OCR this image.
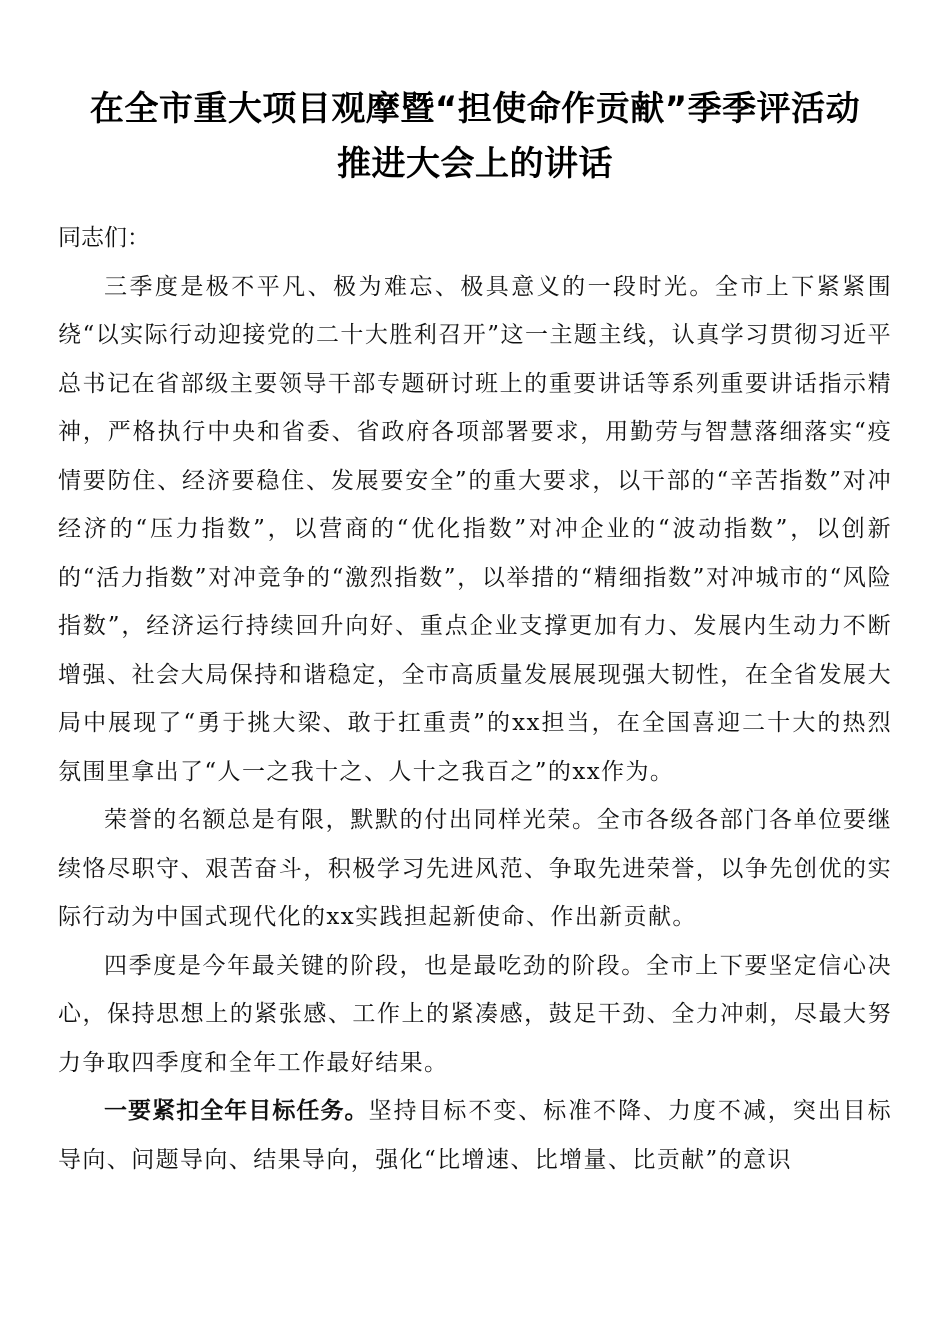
在全市重大项目观摩暨“担使命作贡献”季季评活动
推进大会上的讲话

同志们：

三季度是极不平凡、极为难忘、极具意义的一段时光。全市上下紧紧围绕“以实际行动迎接党的二十大胜利召开”这一主题主线，认真学习贯彻习近平总书记在省部级主要领导干部专题研讨班上的重要讲话等系列重要讲话指示精神，严格执行中央和省委、省政府各项部署要求，用勤劳与智慧落细落实“疫情要防住、经济要稳住、发展要安全”的重大要求，以干部的“辛苦指数”对冲经济的“压力指数”，以营商的“优化指数”对冲企业的“波动指数”，以创新的“活力指数”对冲竞争的“激烈指数”，以举措的“精细指数”对冲城市的“风险指数”，经济运行持续回升向好、重点企业支撑更加有力、发展内生动力不断增强、社会大局保持和谐稳定，全市高质量发展展现强大韧性，在全省发展大局中展现了“勇于挑大梁、敢于扛重责”的xx担当，在全国喜迎二十大的热烈氛围里拿出了“人一之我十之、人十之我百之”的xx作为。

荣誉的名额总是有限，默默的付出同样光荣。全市各级各部门各单位要继续恪尽职守、艰苦奋斗，积极学习先进风范、争取先进荣誉，以争先创优的实际行动为中国式现代化的xx实践担起新使命、作出新贡献。

四季度是今年最关键的阶段，也是最吃劲的阶段。全市上下要坚定信心决心，保持思想上的紧张感、工作上的紧凑感，鼓足干劲、全力冲刺，尽最大努力争取四季度和全年工作最好结果。

一要紧扣全年目标任务。坚持目标不变、标准不降、力度不减，突出目标导向、问题导向、结果导向，强化“比增速、比增量、比贡献”的意识
